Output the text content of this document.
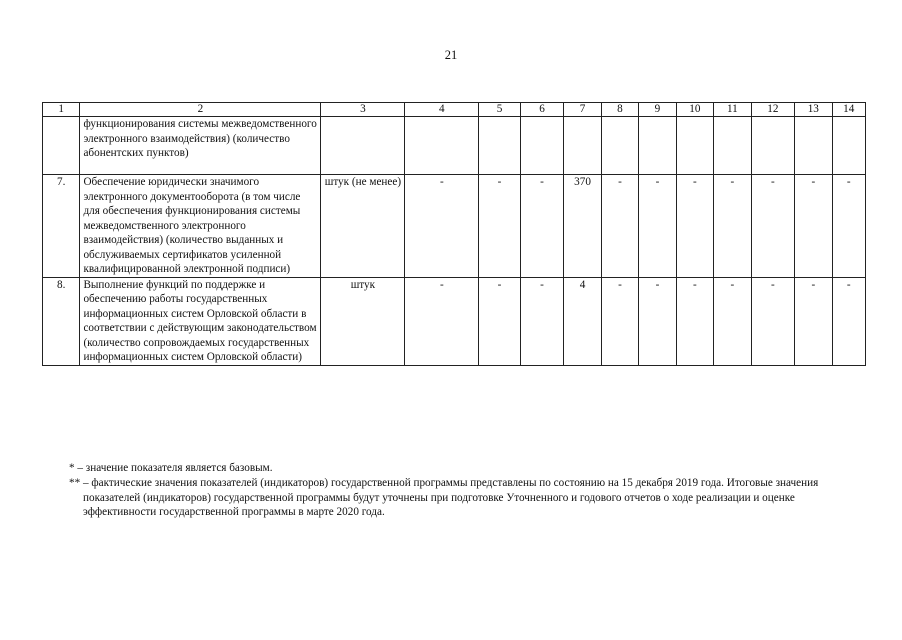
21
1	2	3	4	5	6	7	8	9	10	11	12	13	14
	функционирования системы межведомственного электронного взаимодействия) (количество абонентских пунктов)												
7.	Обеспечение юридически значимого электронного документооборота (в том числе для обеспечения функционирования системы межведомственного электронного взаимодействия) (количество выданных и обслуживаемых сертификатов усиленной квалифицированной электронной подписи)	штук (не менее)	-	-	-	370	-	-	-	-	-	-	-
8.	Выполнение функций по поддержке и обеспечению работы государственных информационных систем Орловской области в соответствии с действующим законодательством (количество сопровождаемых государственных информационных систем Орловской области)	штук	-	-	-	4	-	-	-	-	-	-	-

* – значение показателя является базовым.

** – фактические значения показателей (индикаторов) государственной программы представлены по состоянию на 15 декабря 2019 года. Итоговые значения показателей (индикаторов) государственной программы будут уточнены при подготовке Уточненного и годового отчетов о ходе реализации и оценке эффективности государственной программы в марте 2020 года.
